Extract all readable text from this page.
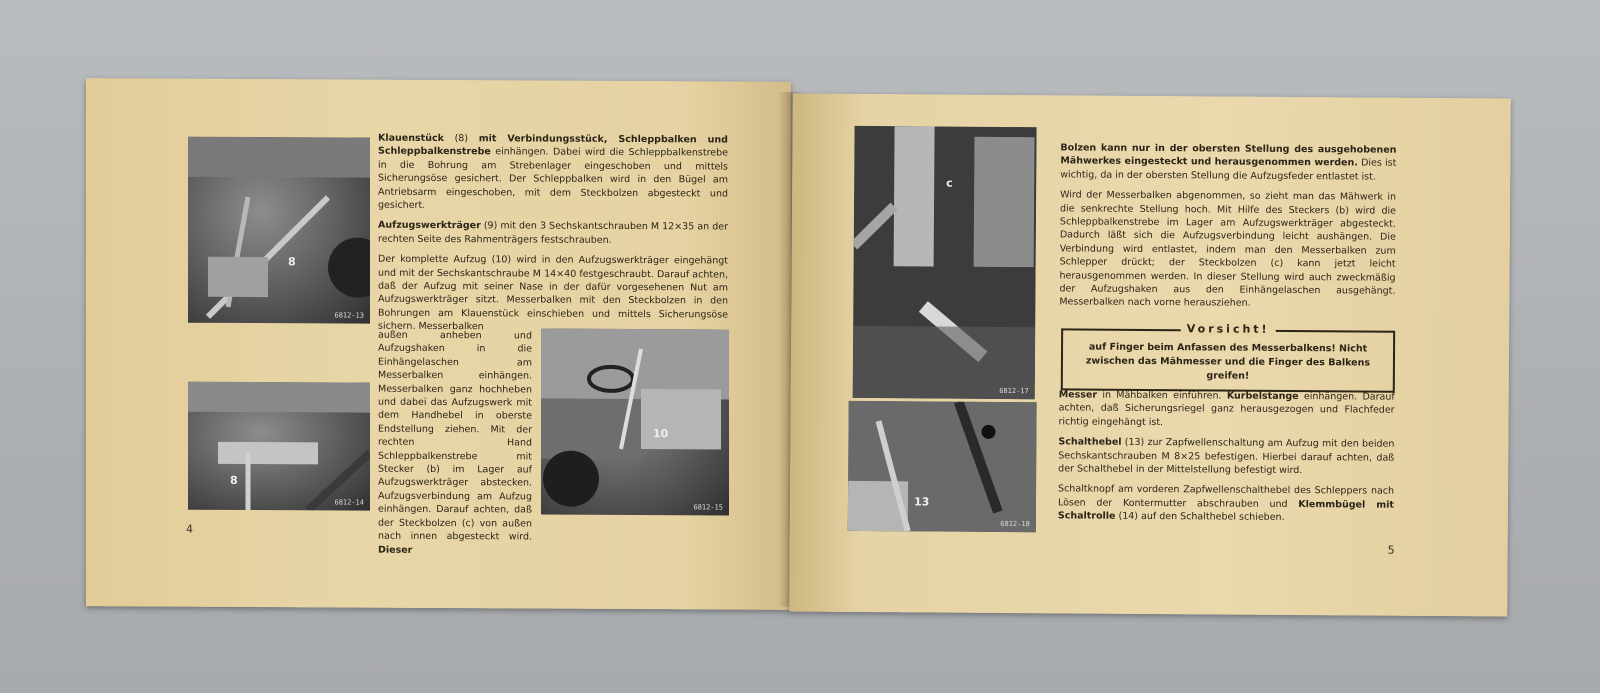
8
6812-13
8
6812-14
10
6812-15

Klauenstück (8) mit Verbindungsstück, Schleppbalken und Schleppbalkenstrebe einhängen. Dabei wird die Schleppbalkenstrebe in die Bohrung am Strebenlager eingeschoben und mittels Sicherungsöse gesichert. Der Schleppbalken wird in den Bügel am Antriebsarm eingeschoben, mit dem Steckbolzen abgesteckt und gesichert.

Aufzugswerkträger (9) mit den 3 Sechskantschrauben M 12×35 an der rechten Seite des Rahmenträgers festschrauben.

Der komplette Aufzug (10) wird in den Aufzugswerkträger eingehängt und mit der Sechskantschraube M 14×40 festgeschraubt. Darauf achten, daß der Aufzug mit seiner Nase in der dafür vorgesehenen Nut am Aufzugswerkträger sitzt. Messerbalken mit den Steckbolzen in den Bohrungen am Klauenstück einschieben und mittels Sicherungsöse sichern. Messerbalken

außen anheben und Aufzugshaken in die Einhängelaschen am Messerbalken einhängen. Messerbalken ganz hochheben und dabei das Aufzugswerk mit dem Handhebel in oberste Endstellung ziehen. Mit der rechten Hand Schleppbalkenstrebe mit Stecker (b) im Lager auf Aufzugswerkträger abstecken. Aufzugsverbindung am Aufzug einhängen. Darauf achten, daß der Steckbolzen (c) von außen nach innen abgesteckt wird. Dieser
4
c
6812-17
13
6812-18

Bolzen kann nur in der obersten Stellung des ausgehobenen Mähwerkes eingesteckt und herausgenommen werden. Dies ist wichtig, da in der obersten Stellung die Aufzugsfeder entlastet ist.

Wird der Messerbalken abgenommen, so zieht man das Mähwerk in die senkrechte Stellung hoch. Mit Hilfe des Steckers (b) wird die Schleppbalkenstrebe im Lager am Aufzugswerkträger abgesteckt. Dadurch läßt sich die Aufzugsverbindung leicht aushängen. Die Verbindung wird entlastet, indem man den Messerbalken zum Schlepper drückt; der Steckbolzen (c) kann jetzt leicht herausgenommen werden. In dieser Stellung wird auch zweckmäßig der Aufzugshaken aus den Einhängelaschen ausgehängt. Messerbalken nach vorne herausziehen.

Vorsicht!
auf Finger beim Anfassen des Messerbalkens! Nicht zwischen das Mähmesser und die Finger des Balkens greifen!

Messer in Mähbalken einführen. Kurbelstange einhängen. Darauf achten, daß Sicherungsriegel ganz herausgezogen und Flachfeder richtig eingehängt ist.

Schalthebel (13) zur Zapfwellenschaltung am Aufzug mit den beiden Sechskantschrauben M 8×25 befestigen. Hierbei darauf achten, daß der Schalthebel in der Mittelstellung befestigt wird.

Schaltknopf am vorderen Zapfwellenschalthebel des Schleppers nach Lösen der Kontermutter abschrauben und Klemmbügel mit Schaltrolle (14) auf den Schalthebel schieben.

5
